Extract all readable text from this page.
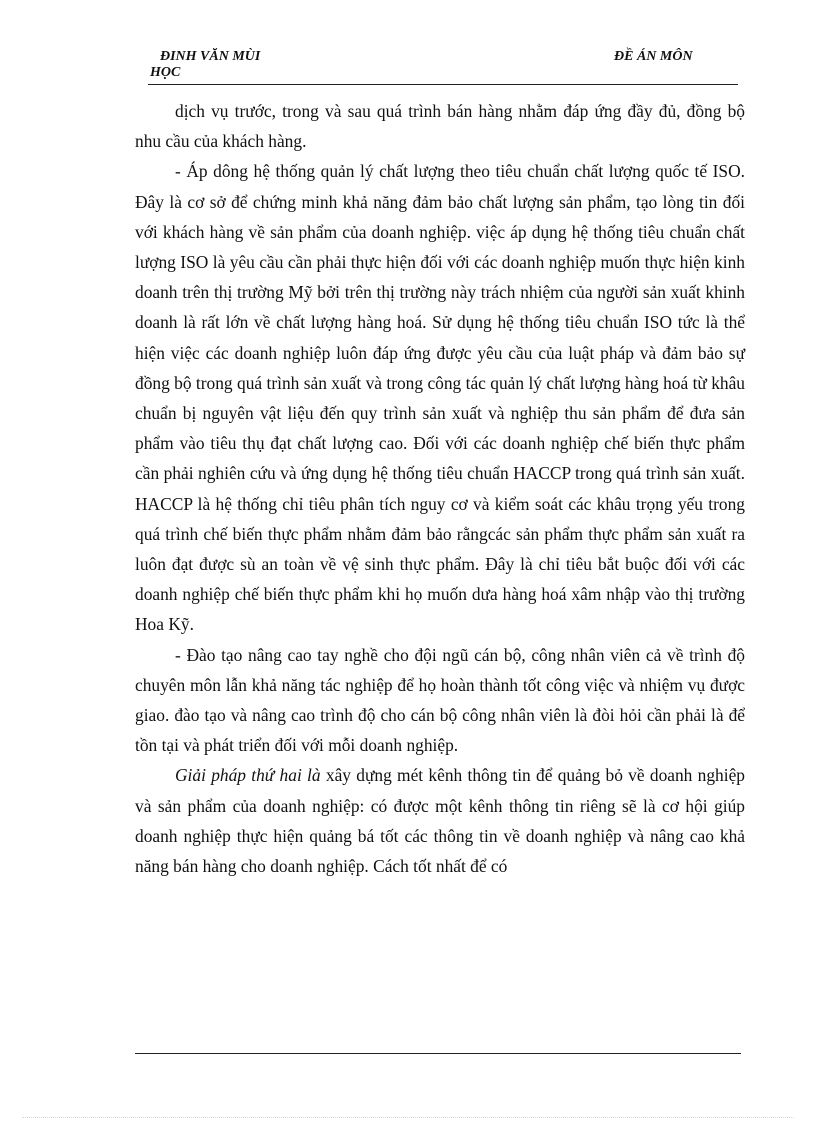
ĐINH VĂN MÙI
HỌC
ĐỀ ÁN MÔN

dịch vụ trước, trong và sau quá trình bán hàng nhằm đáp ứng đầy đủ, đồng bộ nhu cầu của khách hàng.

- Áp dông hệ thống quản lý chất lượng theo tiêu chuẩn chất lượng quốc tế ISO. Đây là cơ sở để chứng minh khả năng đảm bảo chất lượng sản phẩm, tạo lòng tin đối với khách hàng về sản phẩm của doanh nghiệp. việc áp dụng hệ thống tiêu chuẩn chất lượng ISO là yêu cầu cần phải thực hiện đối với các doanh nghiệp muốn thực hiện kinh doanh trên thị trường Mỹ bởi trên thị trường này trách nhiệm của người sản xuất khinh doanh là rất lớn về chất lượng hàng hoá. Sử dụng hệ thống tiêu chuẩn ISO tức là thể hiện việc các doanh nghiệp luôn đáp ứng được yêu cầu của luật pháp và đảm bảo sự đồng bộ trong quá trình sản xuất và trong công tác quản lý chất lượng hàng hoá từ khâu chuẩn bị nguyên vật liệu đến quy trình sản xuất và nghiệp thu sản phẩm để đưa sản phẩm vào tiêu thụ đạt chất lượng cao. Đối với các doanh nghiệp chế biến thực phẩm cần phải nghiên cứu và ứng dụng hệ thống tiêu chuẩn HACCP trong quá trình sản xuất. HACCP là hệ thống chỉ tiêu phân tích nguy cơ và kiểm soát các khâu trọng yếu trong quá trình chế biến thực phẩm nhằm đảm bảo rằngcác sản phẩm thực phẩm sản xuất ra luôn đạt được sù an toàn về vệ sinh thực phẩm. Đây là chỉ tiêu bắt buộc đối với các doanh nghiệp chế biến thực phẩm khi họ muốn dưa hàng hoá xâm nhập vào thị trường Hoa Kỹ.

- Đào tạo nâng cao tay nghề cho đội ngũ cán bộ, công nhân viên cả về trình độ chuyên môn lẫn khả năng tác nghiệp để họ hoàn thành tốt công việc và nhiệm vụ được giao. đào tạo và nâng cao trình độ cho cán bộ công nhân viên là đòi hỏi cần phải là để tồn tại và phát triển đối với mỗi doanh nghiệp.

Giải pháp thứ hai là xây dựng mét kênh thông tin để quảng bỏ về doanh nghiệp và sản phẩm của doanh nghiệp: có được một kênh thông tin riêng sẽ là cơ hội giúp doanh nghiệp thực hiện quảng bá tốt các thông tin về doanh nghiệp và nâng cao khả năng bán hàng cho doanh nghiệp. Cách tốt nhất để có
